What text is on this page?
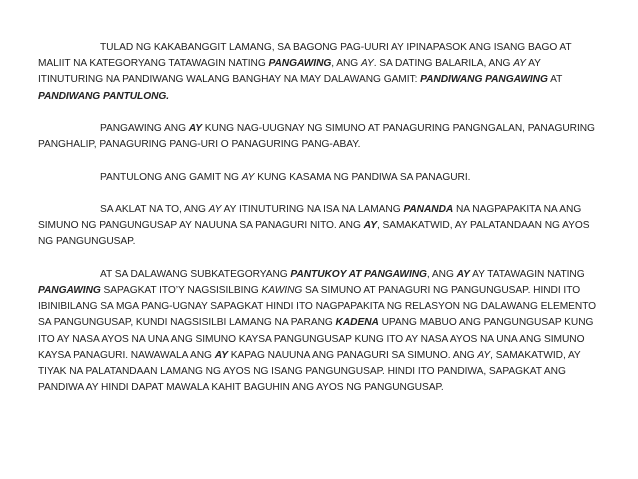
TULAD NG KAKABANGGIT LAMANG, SA BAGONG PAG-UURI AY IPINAPASOK ANG ISANG BAGO AT MALIIT NA KATEGORYANG TATAWAGIN NATING PANGAWING, ANG AY. SA DATING BALARILA, ANG AY AY ITINUTURING NA PANDIWANG WALANG BANGHAY NA MAY DALAWANG GAMIT: PANDIWANG PANGAWING AT PANDIWANG PANTULONG.

PANGAWING ANG AY KUNG NAG-UUGNAY NG SIMUNO AT PANAGURING PANGNGALAN, PANAGURING PANGHALIP, PANAGURING PANG-URI O PANAGURING PANG-ABAY.

PANTULONG ANG GAMIT NG AY KUNG KASAMA NG PANDIWA SA PANAGURI.

SA AKLAT NA TO, ANG AY AY ITINUTURING NA ISA NA LAMANG PANANDA NA NAGPAPAKITA NA ANG SIMUNO NG PANGUNGUSAP AY NAUUNA SA PANAGURI NITO. ANG AY, SAMAKATWID, AY PALATANDAAN NG AYOS NG PANGUNGUSAP.

AT SA DALAWANG SUBKATEGORYANG PANTUKOY AT PANGAWING, ANG AY AY TATAWAGIN NATING PANGAWING SAPAGKAT ITO’Y NAGSISILBING KAWING SA SIMUNO AT PANAGURI NG PANGUNGUSAP. HINDI ITO IBINIBILANG SA MGA PANG-UGNAY SAPAGKAT HINDI ITO NAGPAPAKITA NG RELASYON NG DALAWANG ELEMENTO SA PANGUNGUSAP, KUNDI NAGSISILBI LAMANG NA PARANG KADENA UPANG MABUO ANG PANGUNGUSAP KUNG ITO AY NASA AYOS NA UNA ANG SIMUNO KAYSA PANGUNGUSAP KUNG ITO AY NASA AYOS NA UNA ANG SIMUNO KAYSA PANAGURI. NAWAWALA ANG AY KAPAG NAUUNA ANG PANAGURI SA SIMUNO. ANG AY, SAMAKATWID, AY TIYAK NA PALATANDAAN LAMANG NG AYOS NG ISANG PANGUNGUSAP. HINDI ITO PANDIWA, SAPAGKAT ANG PANDIWA AY HINDI DAPAT MAWALA KAHIT BAGUHIN ANG AYOS NG PANGUNGUSAP.
